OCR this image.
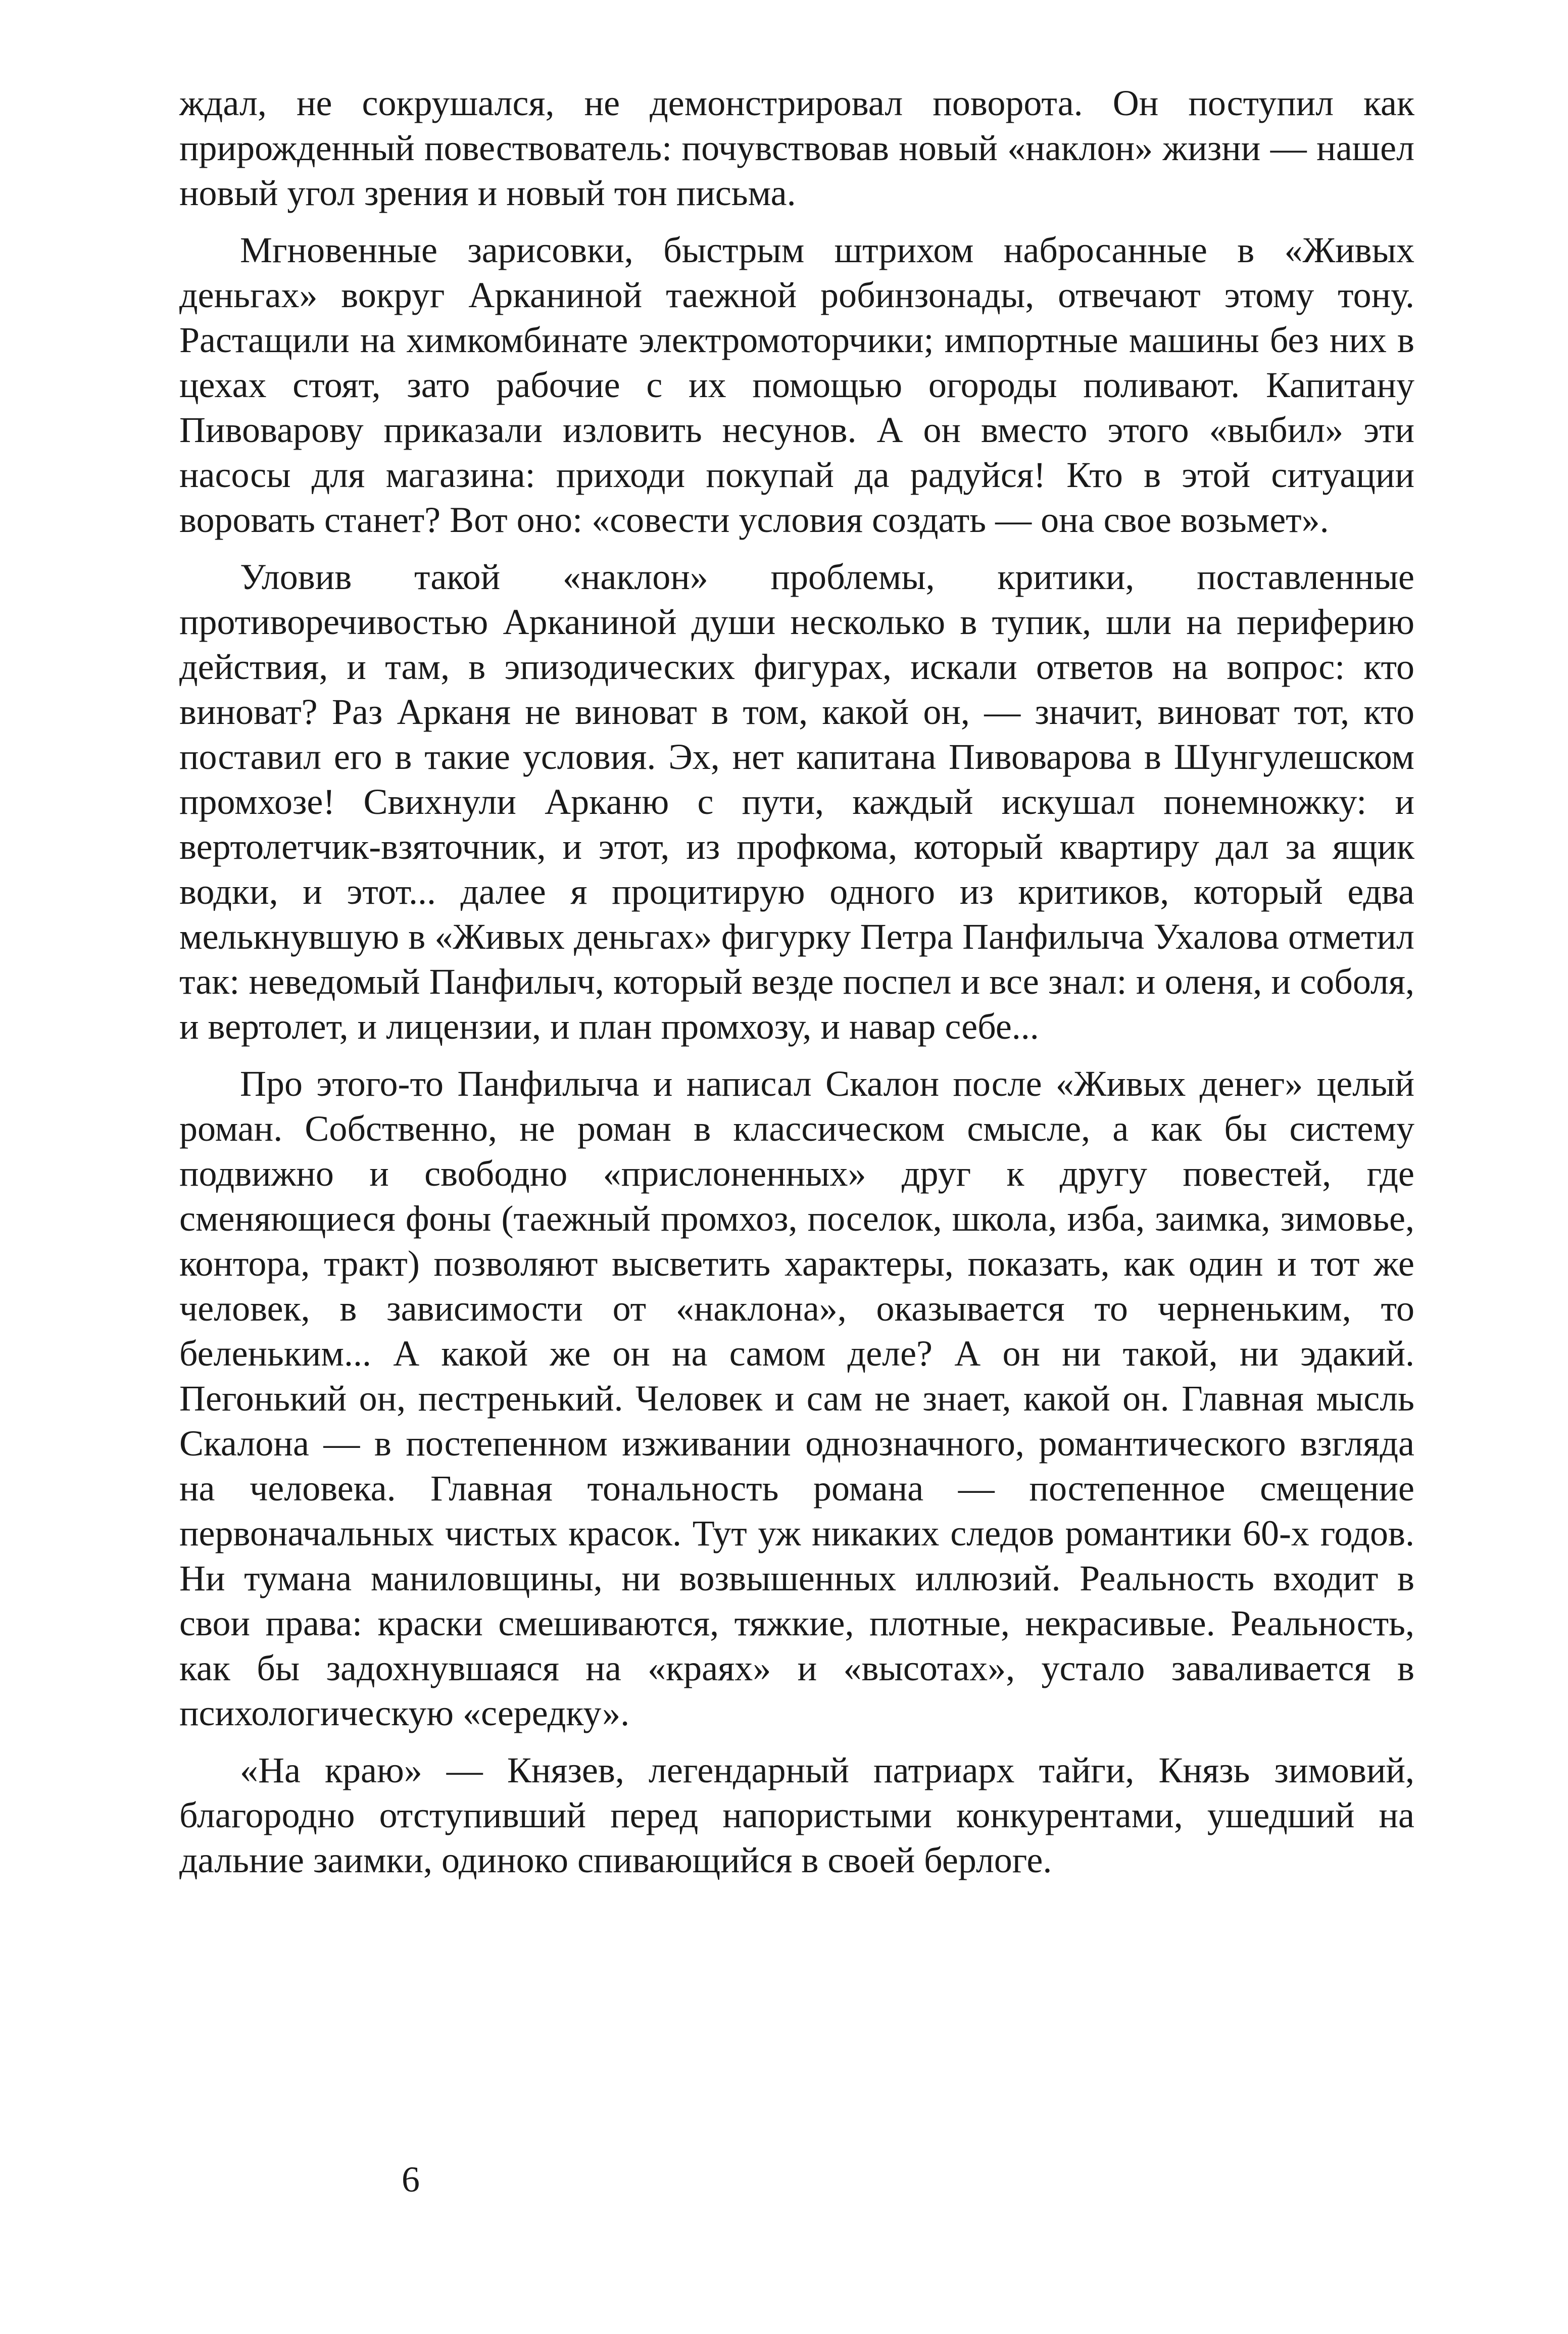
ждал, не сокрушался, не демонстрировал поворота. Он поступил как прирожденный повествователь: почувствовав новый «наклон» жизни — нашел новый угол зрения и новый тон письма.

Мгновенные зарисовки, быстрым штрихом набросанные в «Живых деньгах» вокруг Арканиной таежной робинзонады, отвечают этому тону. Растащили на химкомбинате электромоторчики; импортные машины без них в цехах стоят, зато рабочие с их помощью огороды поливают. Капитану Пивоварову приказали изловить несунов. А он вместо этого «выбил» эти насосы для магазина: приходи покупай да радуйся! Кто в этой ситуации воровать станет? Вот оно: «совести условия создать — она свое возьмет».

Уловив такой «наклон» проблемы, критики, поставленные противоречивостью Арканиной души несколько в тупик, шли на периферию действия, и там, в эпизодических фигурах, искали ответов на вопрос: кто виноват? Раз Арканя не виноват в том, какой он, — значит, виноват тот, кто поставил его в такие условия. Эх, нет капитана Пивоварова в Шунгулешском промхозе! Свихнули Арканю с пути, каждый искушал понемножку: и вертолетчик-взяточник, и этот, из профкома, который квартиру дал за ящик водки, и этот... далее я процитирую одного из критиков, который едва мелькнувшую в «Живых деньгах» фигурку Петра Панфилыча Ухалова отметил так: неведомый Панфилыч, который везде поспел и все знал: и оленя, и соболя, и вертолет, и лицензии, и план промхозу, и навар себе...

Про этого-то Панфилыча и написал Скалон после «Живых денег» целый роман. Собственно, не роман в классическом смысле, а как бы систему подвижно и свободно «прислоненных» друг к другу повестей, где сменяющиеся фоны (таежный промхоз, поселок, школа, изба, заимка, зимовье, контора, тракт) позволяют высветить характеры, показать, как один и тот же человек, в зависимости от «наклона», оказывается то черненьким, то беленьким... А какой же он на самом деле? А он ни такой, ни эдакий. Пегонький он, пестренький. Человек и сам не знает, какой он. Главная мысль Скалона — в постепенном изживании однозначного, романтического взгляда на человека. Главная тональность романа — постепенное смещение первоначальных чистых красок. Тут уж никаких следов романтики 60-х годов. Ни тумана маниловщины, ни возвышенных иллюзий. Реальность входит в свои права: краски смешиваются, тяжкие, плотные, некрасивые. Реальность, как бы задохнувшаяся на «краях» и «высотах», устало заваливается в психологическую «середку».

«На краю» — Князев, легендарный патриарх тайги, Князь зимовий, благородно отступивший перед напористыми конкурентами, ушедший на дальние заимки, одиноко спивающийся в своей берлоге.

6
